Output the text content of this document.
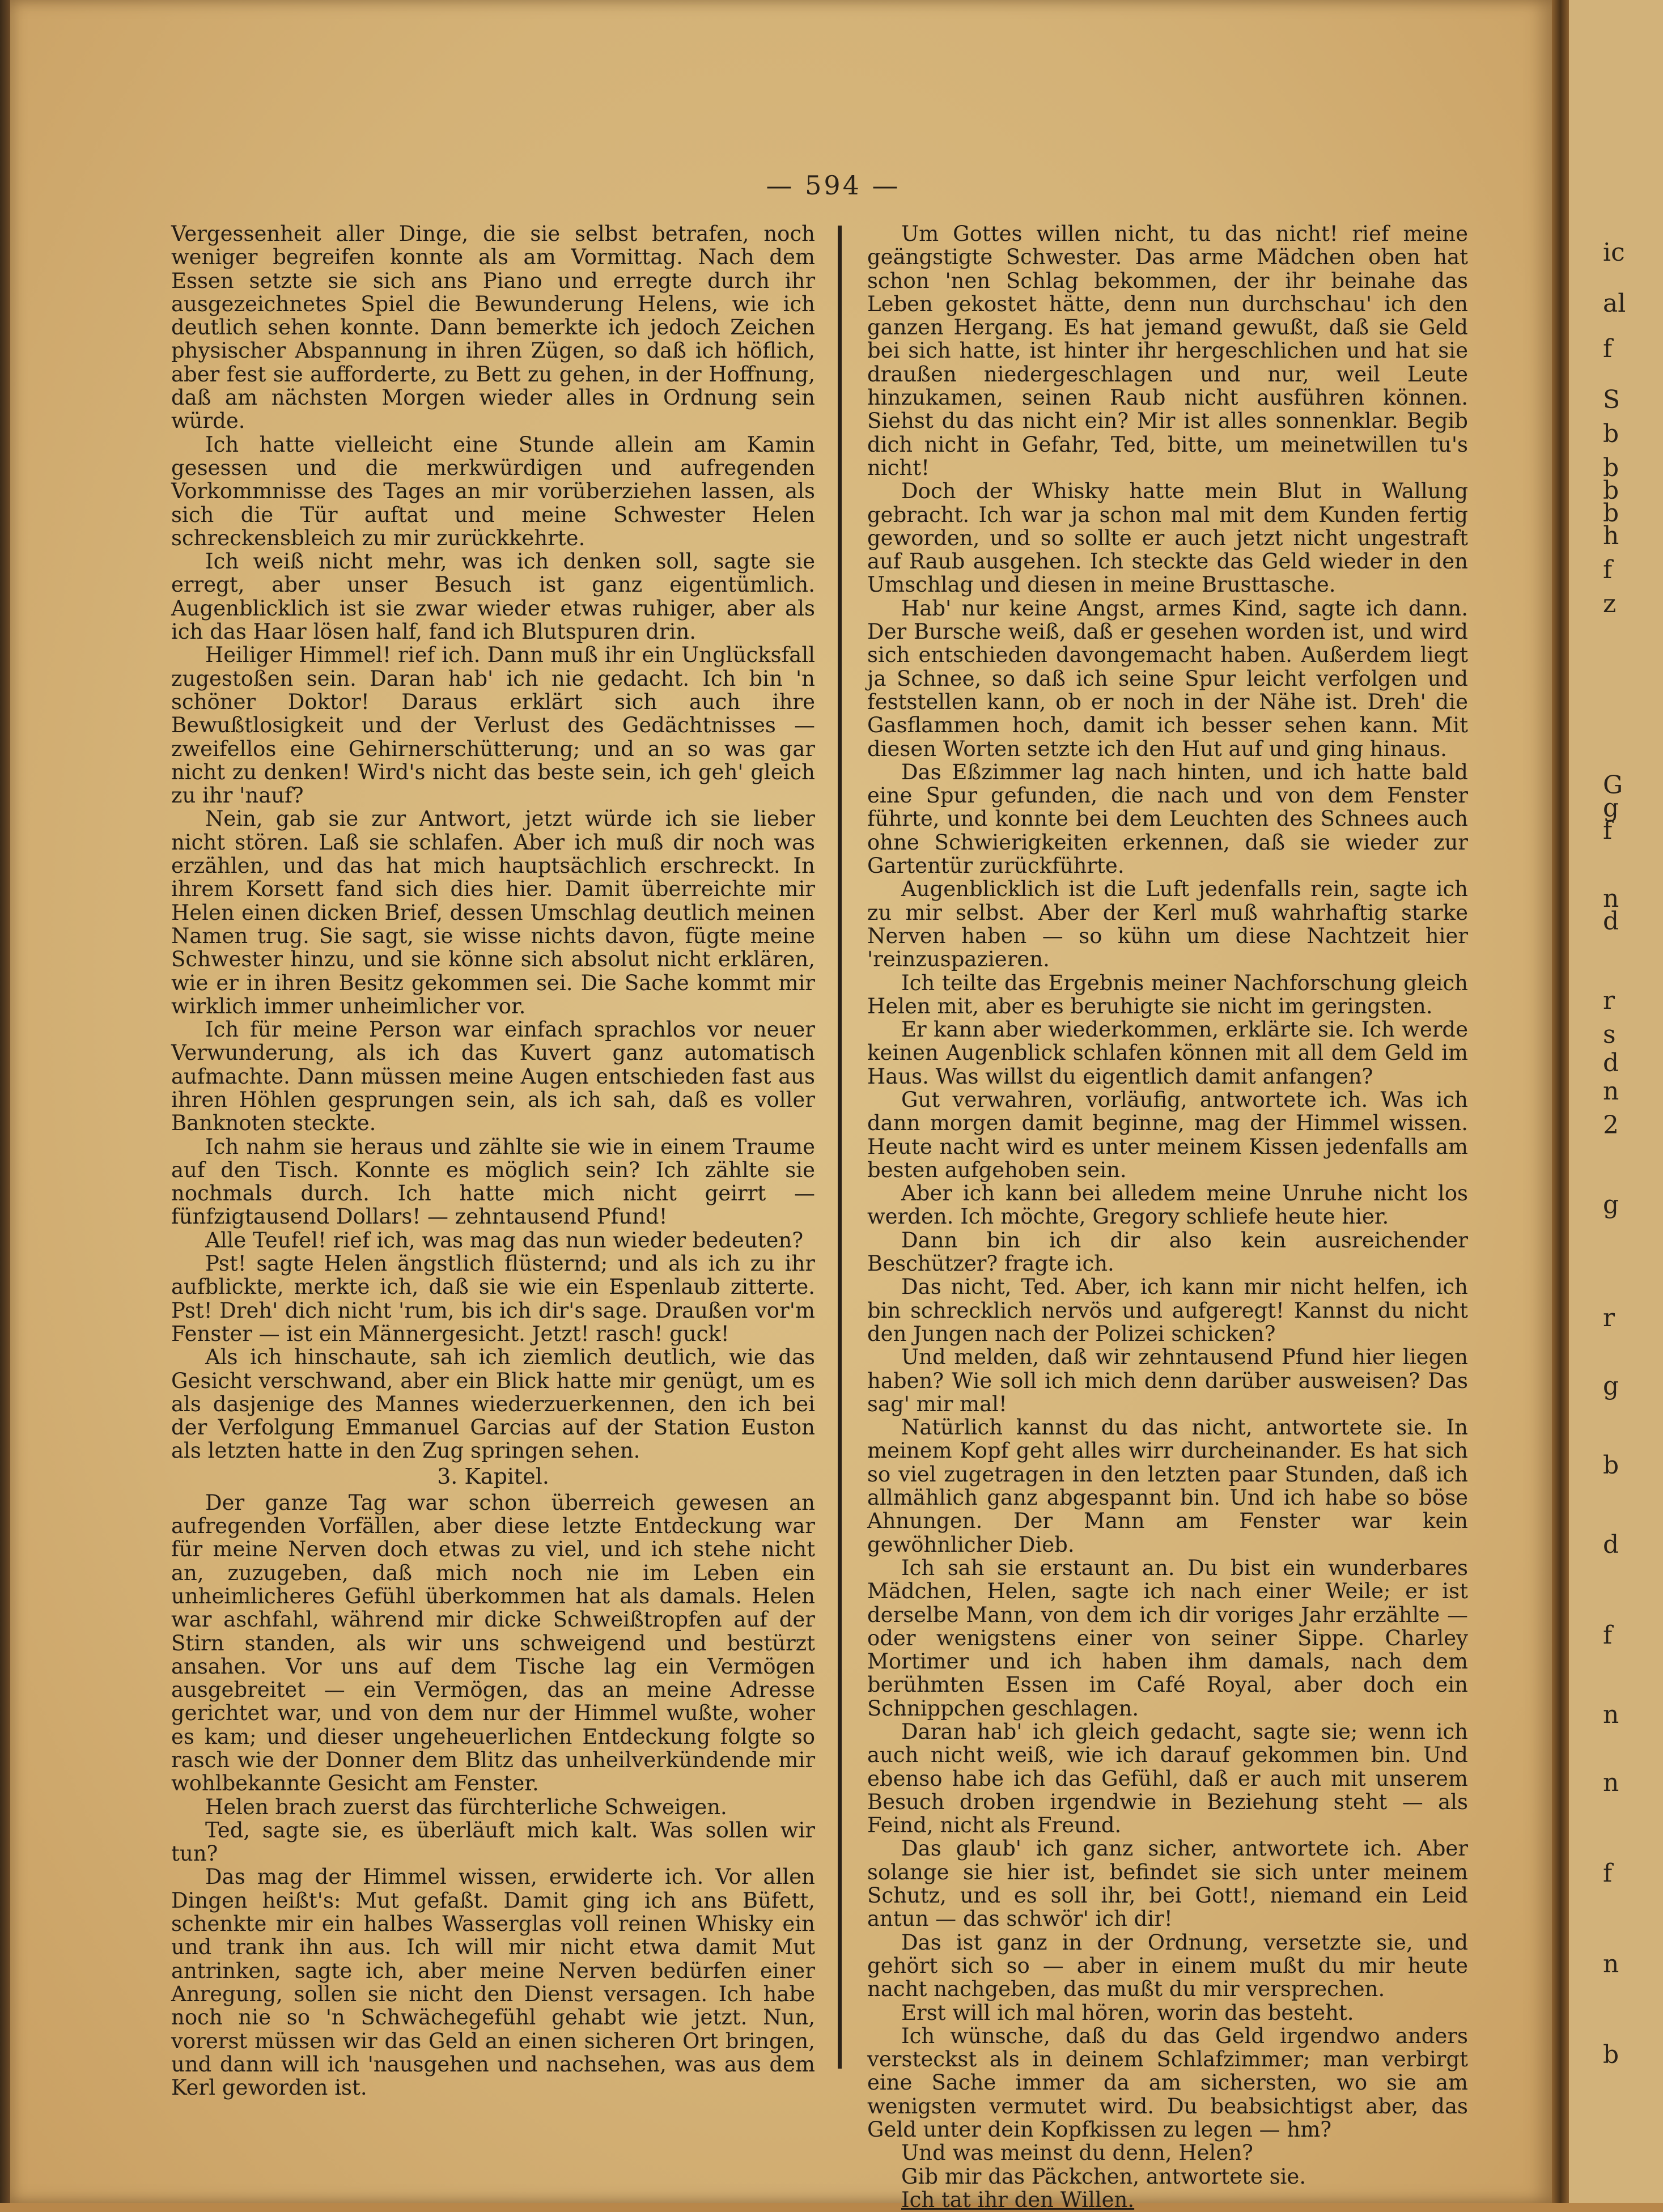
— 594 —

Vergessenheit aller Dinge, die sie selbst betrafen, noch weniger begreifen konnte als am Vormittag. Nach dem Essen setzte sie sich ans Piano und erregte durch ihr ausgezeichnetes Spiel die Bewunderung Helens, wie ich deutlich sehen konnte. Dann bemerkte ich jedoch Zeichen physischer Abspannung in ihren Zügen, so daß ich höflich, aber fest sie aufforderte, zu Bett zu gehen, in der Hoffnung, daß am nächsten Morgen wieder alles in Ordnung sein würde.

Ich hatte vielleicht eine Stunde allein am Kamin gesessen und die merkwürdigen und aufregenden Vorkommnisse des Tages an mir vorüberziehen lassen, als sich die Tür auftat und meine Schwester Helen schreckensbleich zu mir zurückkehrte.

Ich weiß nicht mehr, was ich denken soll, sagte sie erregt, aber unser Besuch ist ganz eigentümlich. Augenblicklich ist sie zwar wieder etwas ruhiger, aber als ich das Haar lösen half, fand ich Blutspuren drin.

Heiliger Himmel! rief ich. Dann muß ihr ein Unglücksfall zugestoßen sein. Daran hab' ich nie gedacht. Ich bin 'n schöner Doktor! Daraus erklärt sich auch ihre Bewußtlosigkeit und der Verlust des Gedächtnisses — zweifellos eine Gehirnerschütterung; und an so was gar nicht zu denken! Wird's nicht das beste sein, ich geh' gleich zu ihr 'nauf?

Nein, gab sie zur Antwort, jetzt würde ich sie lieber nicht stören. Laß sie schlafen. Aber ich muß dir noch was erzählen, und das hat mich hauptsächlich erschreckt. In ihrem Korsett fand sich dies hier. Damit überreichte mir Helen einen dicken Brief, dessen Umschlag deutlich meinen Namen trug. Sie sagt, sie wisse nichts davon, fügte meine Schwester hinzu, und sie könne sich absolut nicht erklären, wie er in ihren Besitz gekommen sei. Die Sache kommt mir wirklich immer unheimlicher vor.

Ich für meine Person war einfach sprachlos vor neuer Verwunderung, als ich das Kuvert ganz automatisch aufmachte. Dann müssen meine Augen entschieden fast aus ihren Höhlen gesprungen sein, als ich sah, daß es voller Banknoten steckte.

Ich nahm sie heraus und zählte sie wie in einem Traume auf den Tisch. Konnte es möglich sein? Ich zählte sie nochmals durch. Ich hatte mich nicht geirrt — fünfzigtausend Dollars! — zehntausend Pfund!

Alle Teufel! rief ich, was mag das nun wieder bedeuten?

Pst! sagte Helen ängstlich flüsternd; und als ich zu ihr aufblickte, merkte ich, daß sie wie ein Espenlaub zitterte. Pst! Dreh' dich nicht 'rum, bis ich dir's sage. Draußen vor'm Fenster — ist ein Männergesicht. Jetzt! rasch! guck!

Als ich hinschaute, sah ich ziemlich deutlich, wie das Gesicht verschwand, aber ein Blick hatte mir genügt, um es als dasjenige des Mannes wiederzuerkennen, den ich bei der Verfolgung Emmanuel Garcias auf der Station Euston als letzten hatte in den Zug springen sehen.

3. Kapitel.

Der ganze Tag war schon überreich gewesen an aufregenden Vorfällen, aber diese letzte Entdeckung war für meine Nerven doch etwas zu viel, und ich stehe nicht an, zuzugeben, daß mich noch nie im Leben ein unheimlicheres Gefühl überkommen hat als damals. Helen war aschfahl, während mir dicke Schweißtropfen auf der Stirn standen, als wir uns schweigend und bestürzt ansahen. Vor uns auf dem Tische lag ein Vermögen ausgebreitet — ein Vermögen, das an meine Adresse gerichtet war, und von dem nur der Himmel wußte, woher es kam; und dieser ungeheuerlichen Entdeckung folgte so rasch wie der Donner dem Blitz das unheilverkündende mir wohlbekannte Gesicht am Fenster.

Helen brach zuerst das fürchterliche Schweigen.

Ted, sagte sie, es überläuft mich kalt. Was sollen wir tun?

Das mag der Himmel wissen, erwiderte ich. Vor allen Dingen heißt's: Mut gefaßt. Damit ging ich ans Büfett, schenkte mir ein halbes Wasserglas voll reinen Whisky ein und trank ihn aus. Ich will mir nicht etwa damit Mut antrinken, sagte ich, aber meine Nerven bedürfen einer Anregung, sollen sie nicht den Dienst versagen. Ich habe noch nie so 'n Schwächegefühl gehabt wie jetzt. Nun, vorerst müssen wir das Geld an einen sicheren Ort bringen, und dann will ich 'nausgehen und nachsehen, was aus dem Kerl geworden ist.

Um Gottes willen nicht, tu das nicht! rief meine geängstigte Schwester. Das arme Mädchen oben hat schon 'nen Schlag bekommen, der ihr beinahe das Leben gekostet hätte, denn nun durchschau' ich den ganzen Hergang. Es hat jemand gewußt, daß sie Geld bei sich hatte, ist hinter ihr hergeschlichen und hat sie draußen niedergeschlagen und nur, weil Leute hinzukamen, seinen Raub nicht ausführen können. Siehst du das nicht ein? Mir ist alles sonnenklar. Begib dich nicht in Gefahr, Ted, bitte, um meinetwillen tu's nicht!

Doch der Whisky hatte mein Blut in Wallung gebracht. Ich war ja schon mal mit dem Kunden fertig geworden, und so sollte er auch jetzt nicht ungestraft auf Raub ausgehen. Ich steckte das Geld wieder in den Umschlag und diesen in meine Brusttasche.

Hab' nur keine Angst, armes Kind, sagte ich dann. Der Bursche weiß, daß er gesehen worden ist, und wird sich entschieden davongemacht haben. Außerdem liegt ja Schnee, so daß ich seine Spur leicht verfolgen und feststellen kann, ob er noch in der Nähe ist. Dreh' die Gasflammen hoch, damit ich besser sehen kann. Mit diesen Worten setzte ich den Hut auf und ging hinaus.

Das Eßzimmer lag nach hinten, und ich hatte bald eine Spur gefunden, die nach und von dem Fenster führte, und konnte bei dem Leuchten des Schnees auch ohne Schwierigkeiten erkennen, daß sie wieder zur Gartentür zurückführte.

Augenblicklich ist die Luft jedenfalls rein, sagte ich zu mir selbst. Aber der Kerl muß wahrhaftig starke Nerven haben — so kühn um diese Nachtzeit hier 'reinzuspazieren.

Ich teilte das Ergebnis meiner Nachforschung gleich Helen mit, aber es beruhigte sie nicht im geringsten.

Er kann aber wiederkommen, erklärte sie. Ich werde keinen Augenblick schlafen können mit all dem Geld im Haus. Was willst du eigentlich damit anfangen?

Gut verwahren, vorläufig, antwortete ich. Was ich dann morgen damit beginne, mag der Himmel wissen. Heute nacht wird es unter meinem Kissen jedenfalls am besten aufgehoben sein.

Aber ich kann bei alledem meine Unruhe nicht los werden. Ich möchte, Gregory schliefe heute hier.

Dann bin ich dir also kein ausreichender Beschützer? fragte ich.

Das nicht, Ted. Aber, ich kann mir nicht helfen, ich bin schrecklich nervös und aufgeregt! Kannst du nicht den Jungen nach der Polizei schicken?

Und melden, daß wir zehntausend Pfund hier liegen haben? Wie soll ich mich denn darüber ausweisen? Das sag' mir mal!

Natürlich kannst du das nicht, antwortete sie. In meinem Kopf geht alles wirr durcheinander. Es hat sich so viel zugetragen in den letzten paar Stunden, daß ich allmählich ganz abgespannt bin. Und ich habe so böse Ahnungen. Der Mann am Fenster war kein gewöhnlicher Dieb.

Ich sah sie erstaunt an. Du bist ein wunderbares Mädchen, Helen, sagte ich nach einer Weile; er ist derselbe Mann, von dem ich dir voriges Jahr erzählte — oder wenigstens einer von seiner Sippe. Charley Mortimer und ich haben ihm damals, nach dem berühmten Essen im Café Royal, aber doch ein Schnippchen geschlagen.

Daran hab' ich gleich gedacht, sagte sie; wenn ich auch nicht weiß, wie ich darauf gekommen bin. Und ebenso habe ich das Gefühl, daß er auch mit unserem Besuch droben irgendwie in Beziehung steht — als Feind, nicht als Freund.

Das glaub' ich ganz sicher, antwortete ich. Aber solange sie hier ist, befindet sie sich unter meinem Schutz, und es soll ihr, bei Gott!, niemand ein Leid antun — das schwör' ich dir!

Das ist ganz in der Ordnung, versetzte sie, und gehört sich so — aber in einem mußt du mir heute nacht nachgeben, das mußt du mir versprechen.

Erst will ich mal hören, worin das besteht.

Ich wünsche, daß du das Geld irgendwo anders versteckst als in deinem Schlafzimmer; man verbirgt eine Sache immer da am sichersten, wo sie am wenigsten vermutet wird. Du beabsichtigst aber, das Geld unter dein Kopfkissen zu legen — hm?

Und was meinst du denn, Helen?

Gib mir das Päckchen, antwortete sie.

Ich tat ihr den Willen.

ic
al
f
S
b
b
b
b
h
f
z
G
g
f
n
d
r
s
d
n
2
g
r
g
b
d
f
n
n
f
n
b
